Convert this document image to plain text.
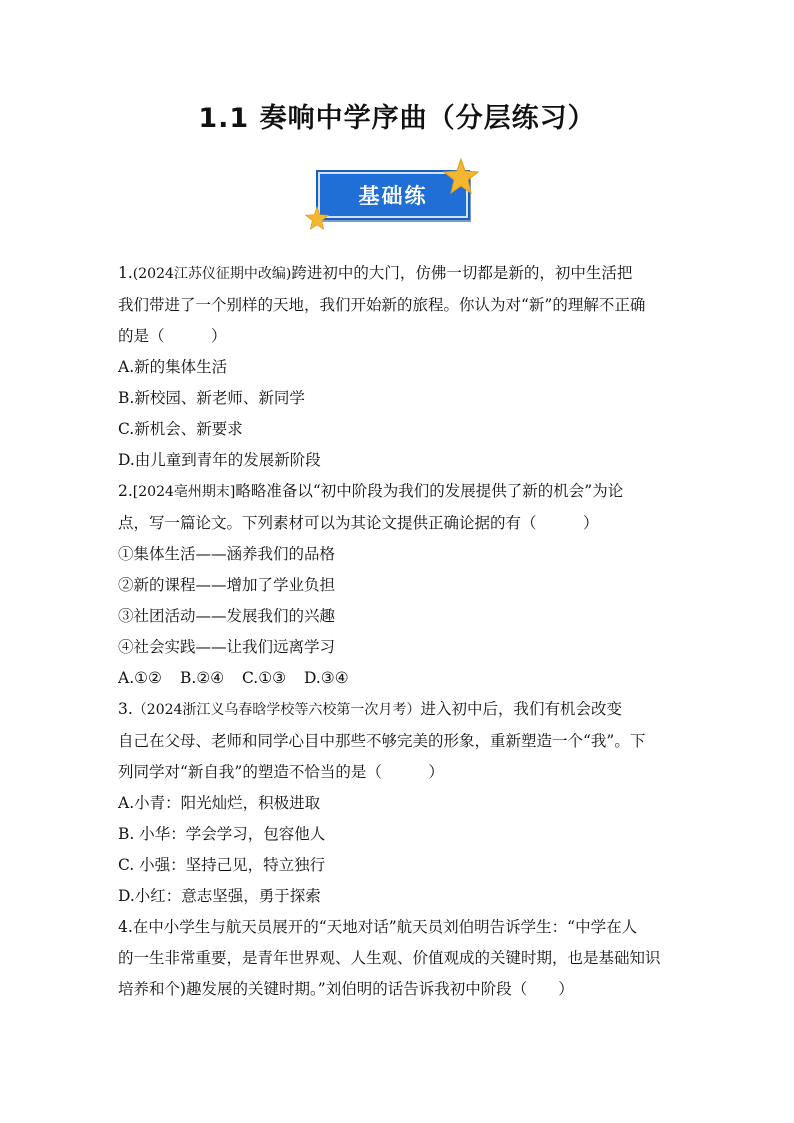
1.1 奏响中学序曲（分层练习）
基础练
1.(2024江苏仪征期中改编)跨进初中的大门，仿佛一切都是新的，初中生活把
我们带进了一个别样的天地，我们开始新的旅程。你认为对“新”的理解不正确
的是（　　　）
A.新的集体生活
B.新校园、新老师、新同学
C.新机会、新要求
D.由儿童到青年的发展新阶段
2.[2024亳州期末]略略准备以“初中阶段为我们的发展提供了新的机会”为论
点，写一篇论文。下列素材可以为其论文提供正确论据的有（　　　）
①集体生活——涵养我们的品格
②新的课程——增加了学业负担
③社团活动——发展我们的兴趣
④社会实践——让我们远离学习
A.①② B.②④ C.①③ D.③④
3.（2024浙江义乌春晗学校等六校第一次月考）进入初中后，我们有机会改变
自己在父母、老师和同学心目中那些不够完美的形象，重新塑造一个“我”。下
列同学对“新自我”的塑造不恰当的是（　　　）
A.小青：阳光灿烂，积极进取
B. 小华：学会学习，包容他人
C. 小强：坚持己见，特立独行
D.小红：意志坚强，勇于探索
4.在中小学生与航天员展开的“天地对话”航天员刘伯明告诉学生：“中学在人
的一生非常重要，是青年世界观、人生观、价值观成的关键时期，也是基础知识
培养和个)趣发展的关键时期。”刘伯明的话告诉我初中阶段（　　）
